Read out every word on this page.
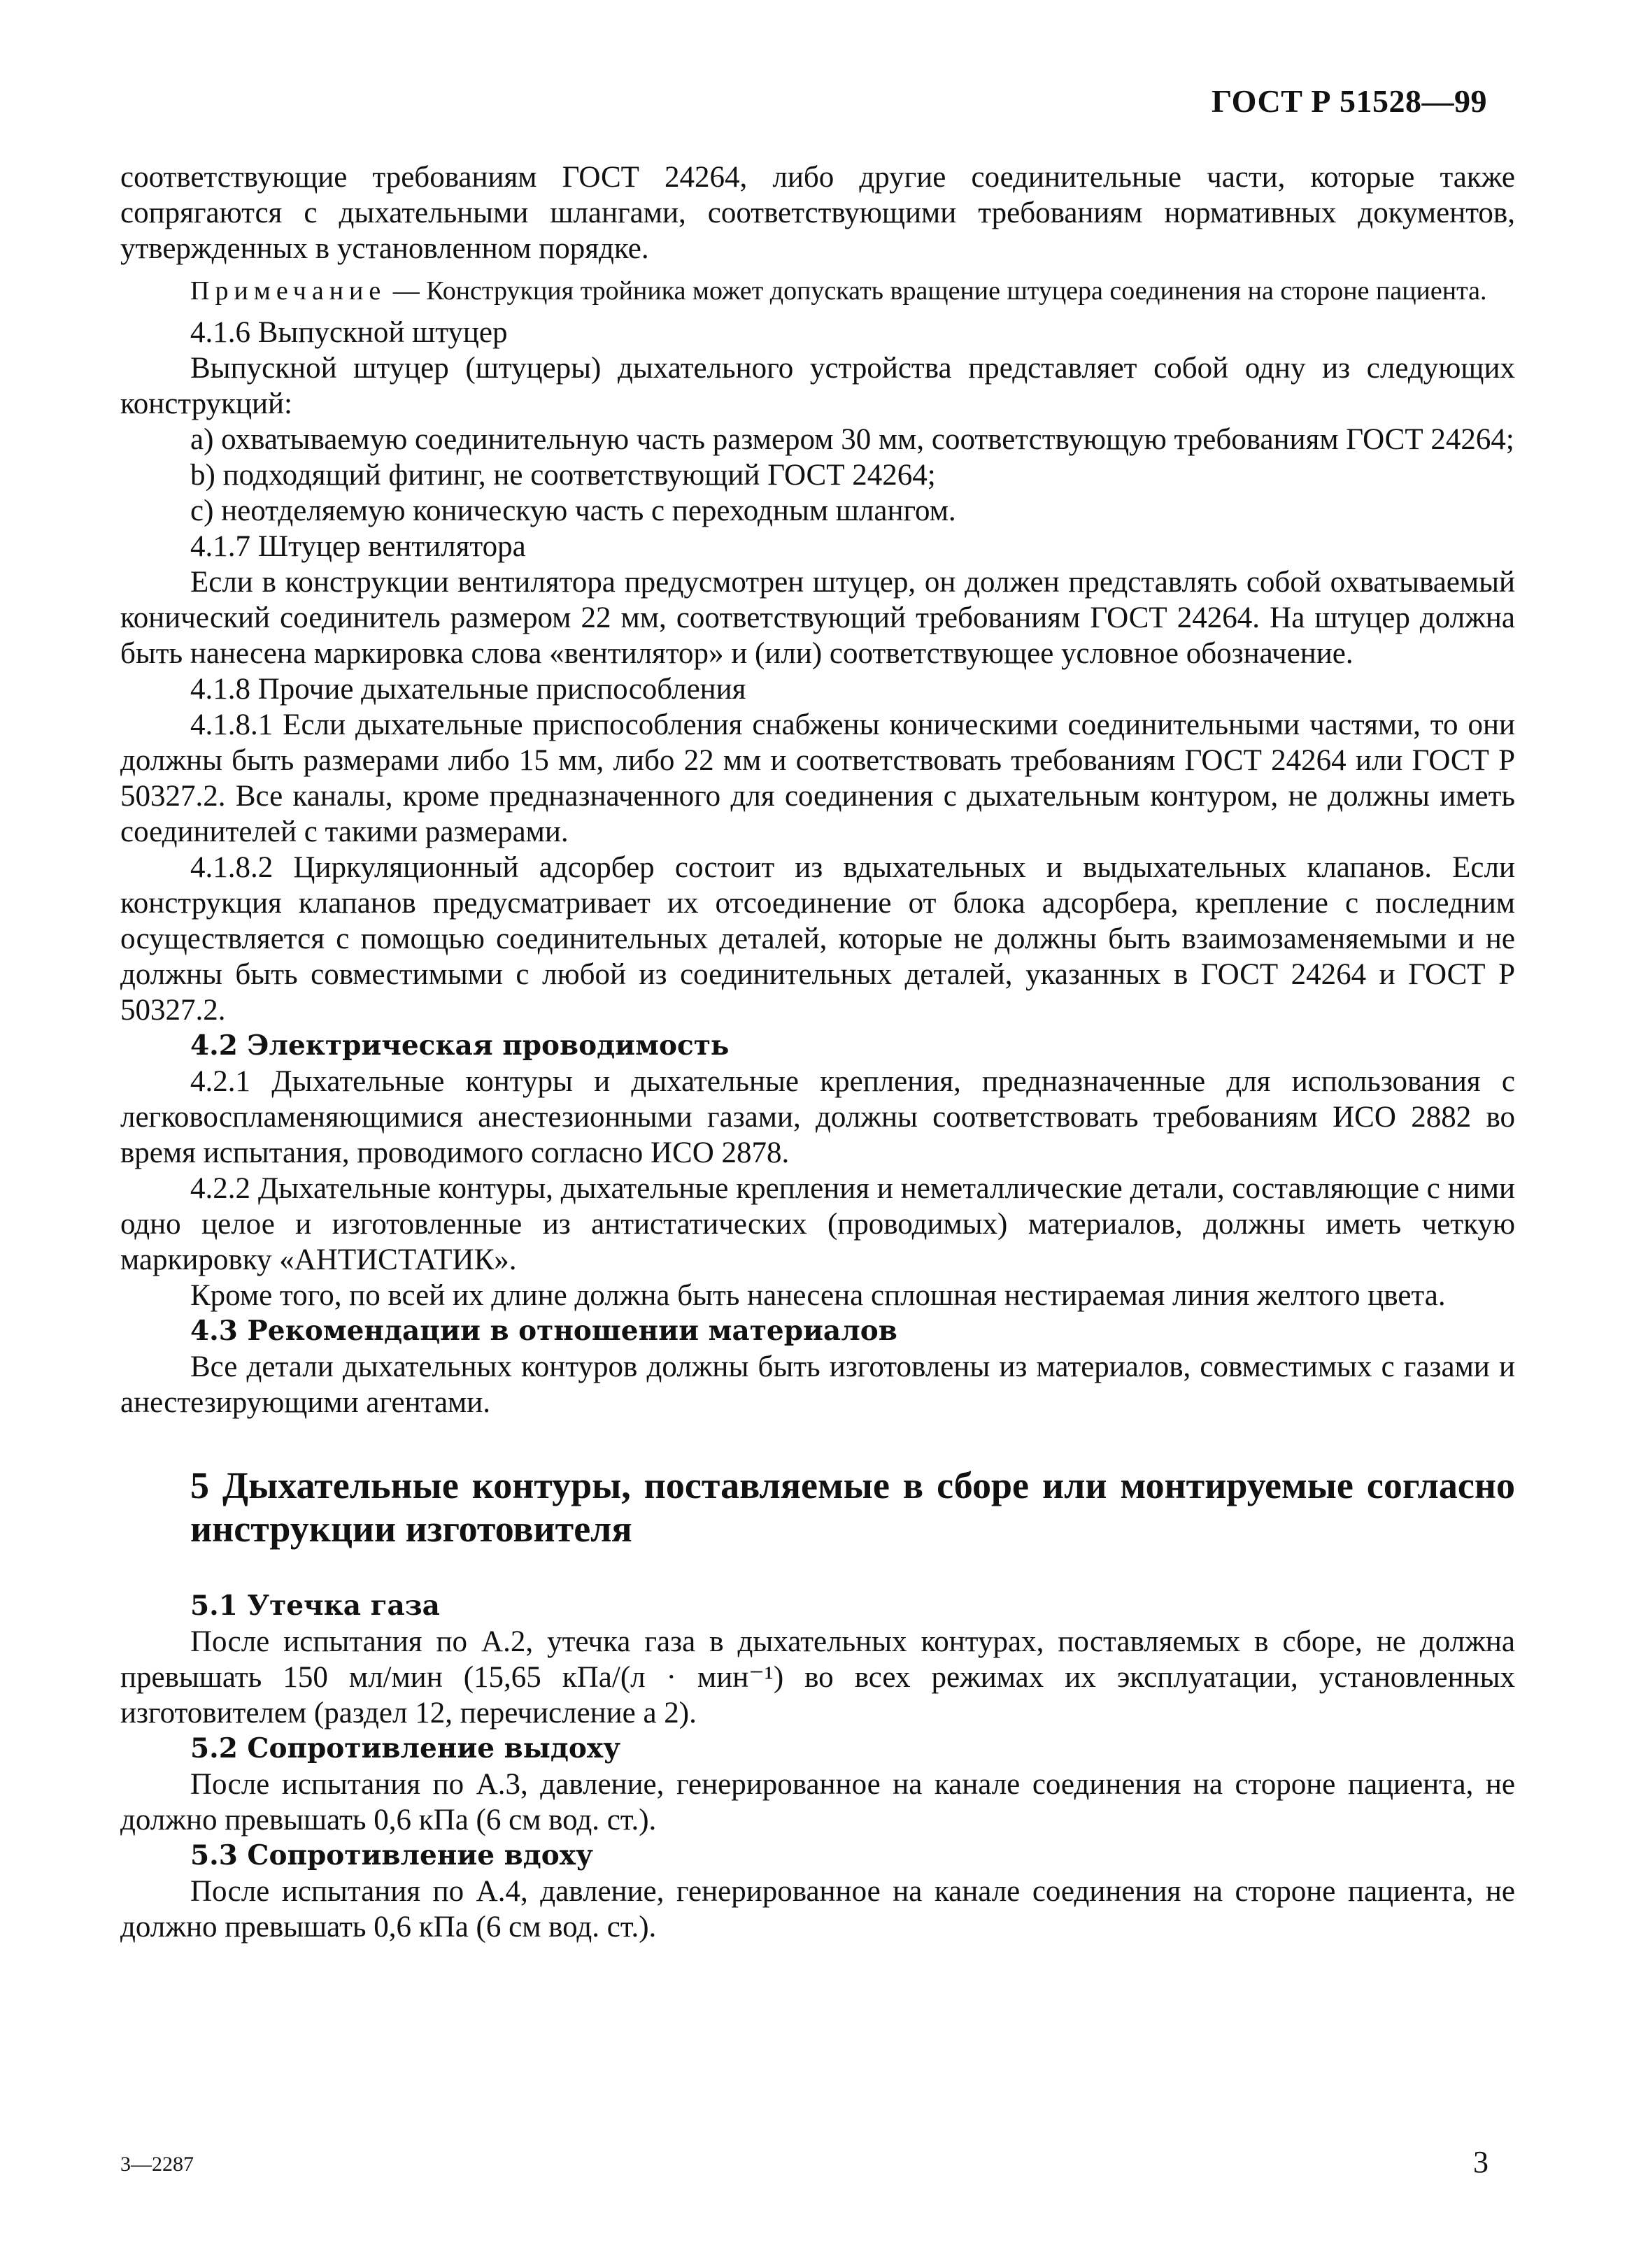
ГОСТ Р 51528—99

соответствующие требованиям ГОСТ 24264, либо другие соединительные части, которые также сопрягаются с дыхательными шлангами, соответствующими требованиям нормативных документов, утвержденных в установленном порядке.

Примечание — Конструкция тройника может допускать вращение штуцера соединения на стороне пациента.

4.1.6 Выпускной штуцер

Выпускной штуцер (штуцеры) дыхательного устройства представляет собой одну из следующих конструкций:

a) охватываемую соединительную часть размером 30 мм, соответствующую требованиям ГОСТ 24264;

b) подходящий фитинг, не соответствующий ГОСТ 24264;

c) неотделяемую коническую часть с переходным шлангом.

4.1.7 Штуцер вентилятора

Если в конструкции вентилятора предусмотрен штуцер, он должен представлять собой охватываемый конический соединитель размером 22 мм, соответствующий требованиям ГОСТ 24264. На штуцер должна быть нанесена маркировка слова «вентилятор» и (или) соответствующее условное обозначение.

4.1.8 Прочие дыхательные приспособления

4.1.8.1 Если дыхательные приспособления снабжены коническими соединительными частями, то они должны быть размерами либо 15 мм, либо 22 мм и соответствовать требованиям ГОСТ 24264 или ГОСТ Р 50327.2. Все каналы, кроме предназначенного для соединения с дыхательным контуром, не должны иметь соединителей с такими размерами.

4.1.8.2 Циркуляционный адсорбер состоит из вдыхательных и выдыхательных клапанов. Если конструкция клапанов предусматривает их отсоединение от блока адсорбера, крепление с последним осуществляется с помощью соединительных деталей, которые не должны быть взаимозаменяемыми и не должны быть совместимыми с любой из соединительных деталей, указанных в ГОСТ 24264 и ГОСТ Р 50327.2.

4.2 Электрическая проводимость

4.2.1 Дыхательные контуры и дыхательные крепления, предназначенные для использования с легковоспламеняющимися анестезионными газами, должны соответствовать требованиям ИСО 2882 во время испытания, проводимого согласно ИСО 2878.

4.2.2 Дыхательные контуры, дыхательные крепления и неметаллические детали, составляющие с ними одно целое и изготовленные из антистатических (проводимых) материалов, должны иметь четкую маркировку «АНТИСТАТИК».

Кроме того, по всей их длине должна быть нанесена сплошная нестираемая линия желтого цвета.

4.3 Рекомендации в отношении материалов

Все детали дыхательных контуров должны быть изготовлены из материалов, совместимых с газами и анестезирующими агентами.

5 Дыхательные контуры, поставляемые в сборе или монтируемые согласно инструкции изготовителя

5.1 Утечка газа

После испытания по А.2, утечка газа в дыхательных контурах, поставляемых в сборе, не должна превышать 150 мл/мин (15,65 кПа/(л · мин⁻¹) во всех режимах их эксплуатации, установленных изготовителем (раздел 12, перечисление а 2).

5.2 Сопротивление выдоху

После испытания по А.3, давление, генерированное на канале соединения на стороне пациента, не должно превышать 0,6 кПа (6 см вод. ст.).

5.3 Сопротивление вдоху

После испытания по А.4, давление, генерированное на канале соединения на стороне пациента, не должно превышать 0,6 кПа (6 см вод. ст.).

3—2287	3
